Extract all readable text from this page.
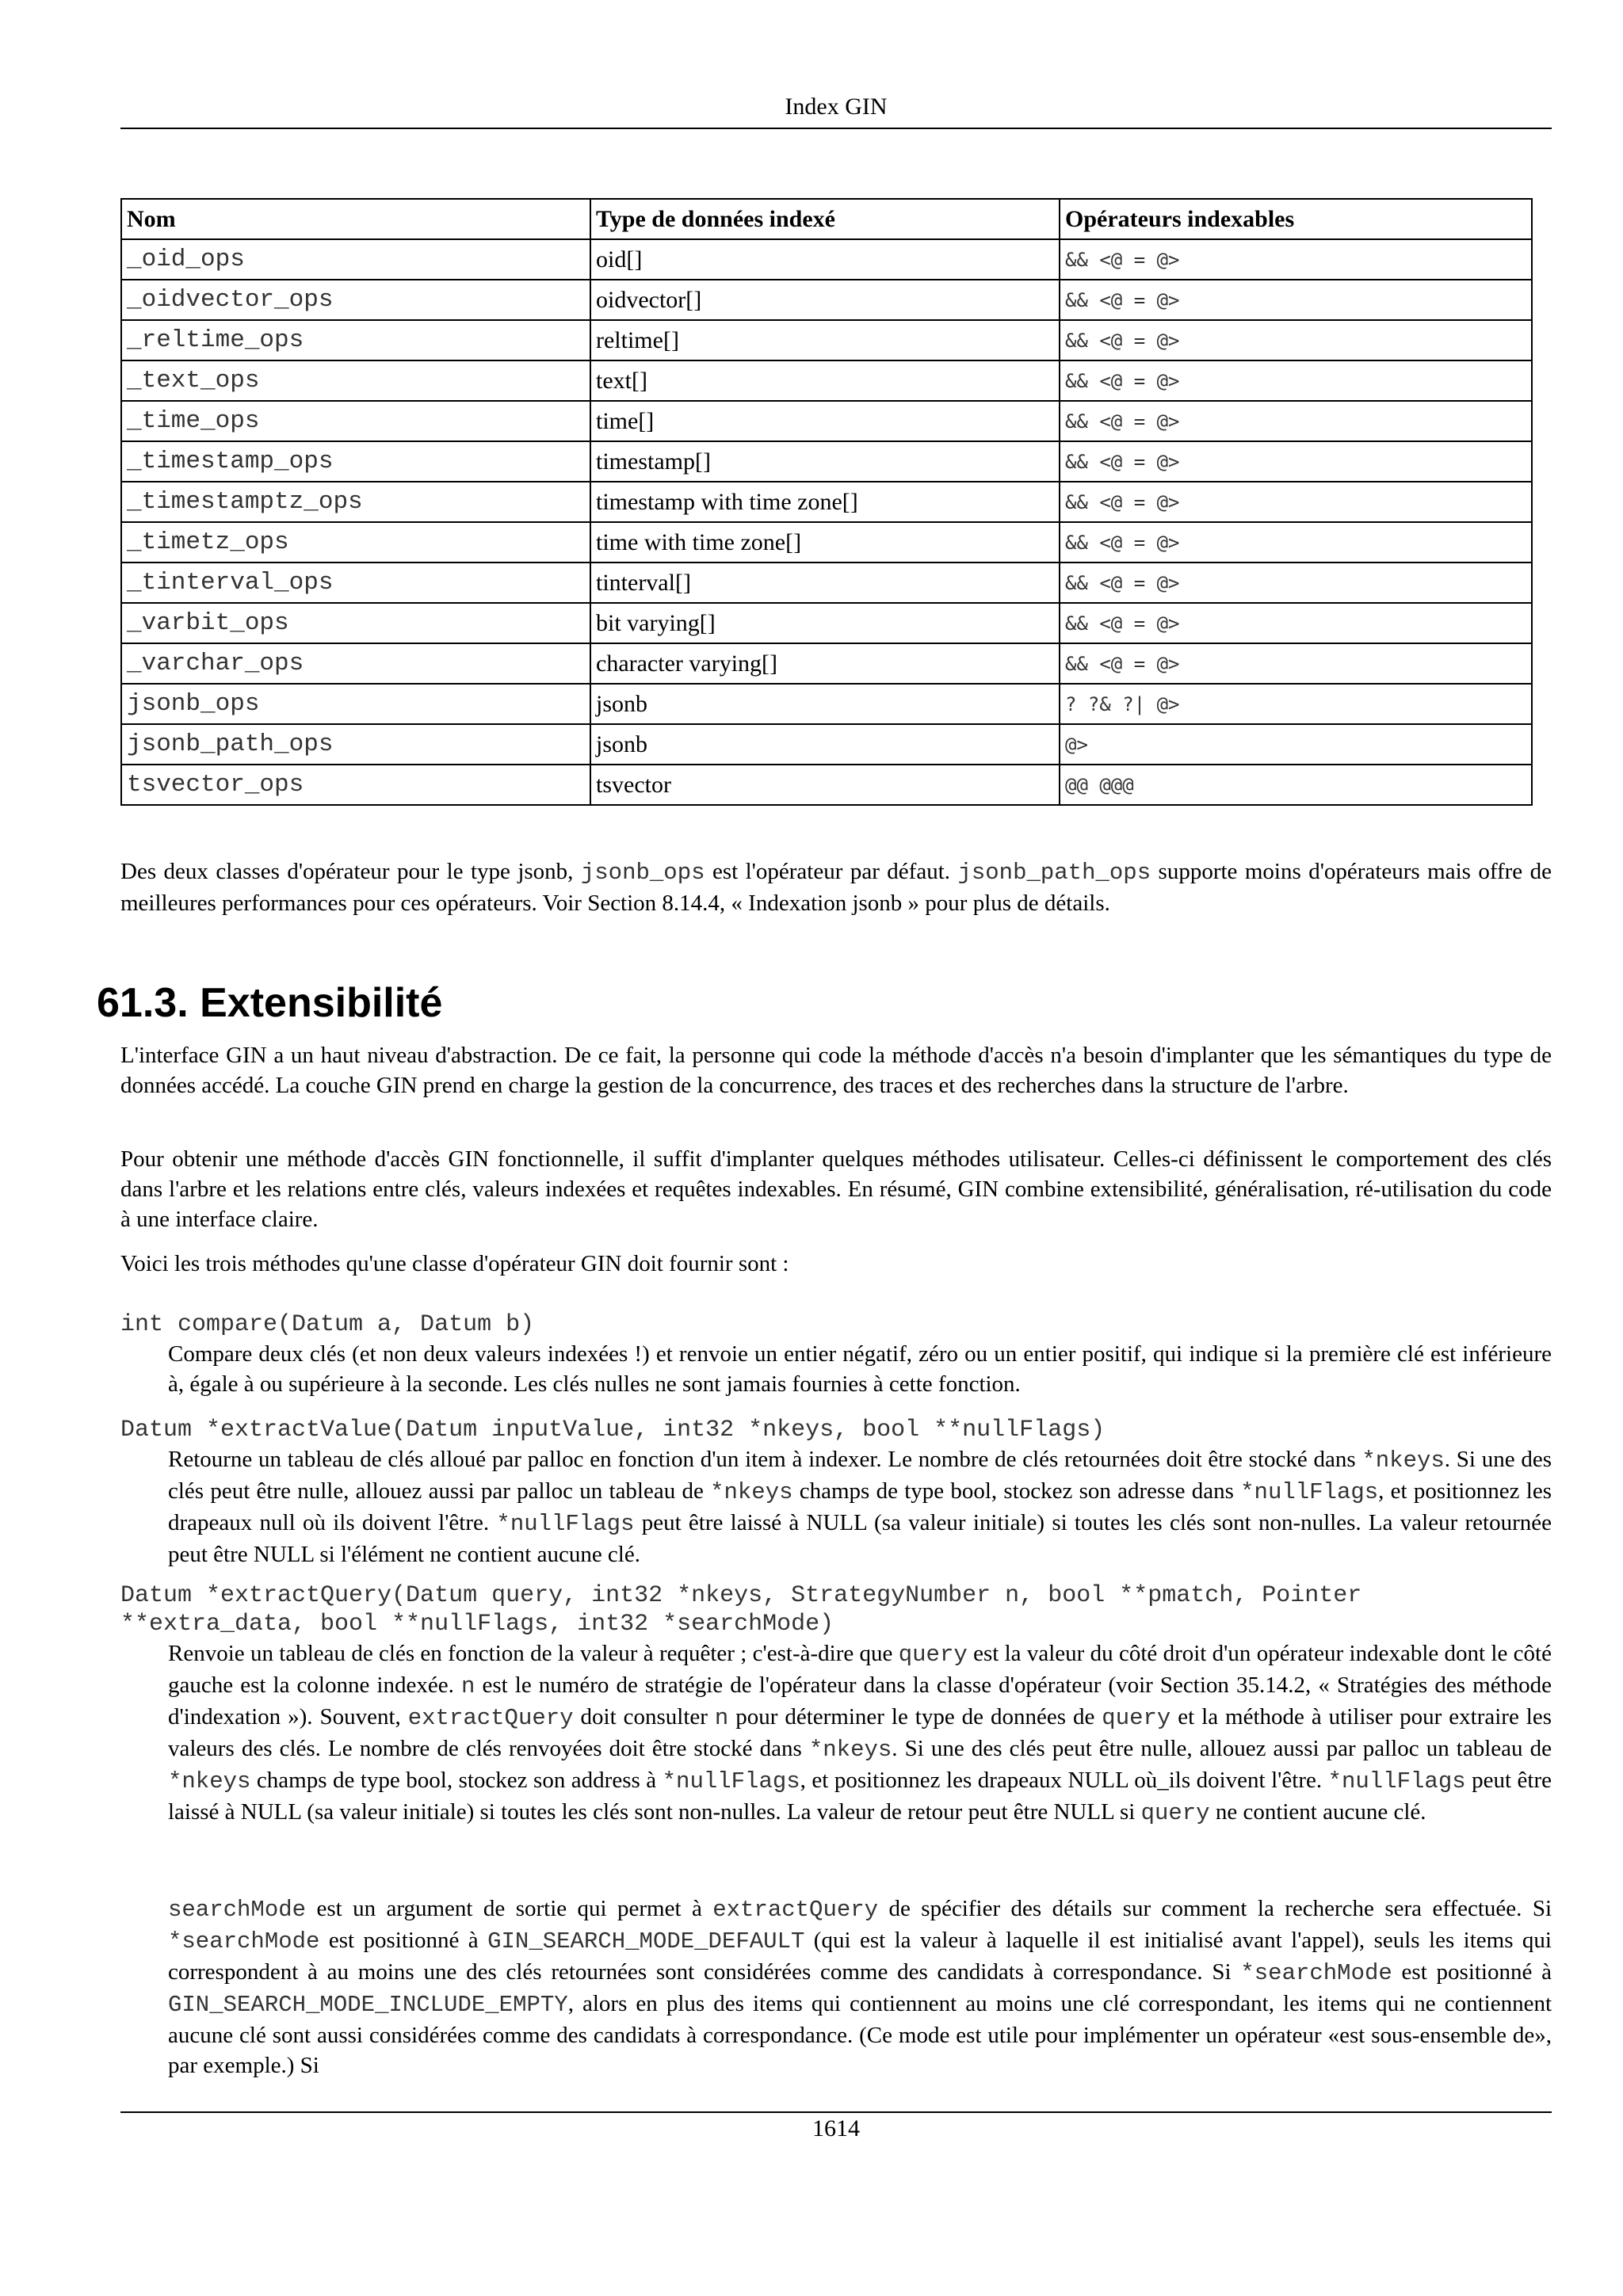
Index GIN
Nom	Type de données indexé	Opérateurs indexables
_oid_ops	oid[]	&& <@ = @>
_oidvector_ops	oidvector[]	&& <@ = @>
_reltime_ops	reltime[]	&& <@ = @>
_text_ops	text[]	&& <@ = @>
_time_ops	time[]	&& <@ = @>
_timestamp_ops	timestamp[]	&& <@ = @>
_timestamptz_ops	timestamp with time zone[]	&& <@ = @>
_timetz_ops	time with time zone[]	&& <@ = @>
_tinterval_ops	tinterval[]	&& <@ = @>
_varbit_ops	bit varying[]	&& <@ = @>
_varchar_ops	character varying[]	&& <@ = @>
jsonb_ops	jsonb	? ?& ?| @>
jsonb_path_ops	jsonb	@>
tsvector_ops	tsvector	@@ @@@
Des deux classes d'opérateur pour le type jsonb, jsonb_ops est l'opérateur par défaut. jsonb_path_ops supporte moins d'opérateurs mais offre de meilleures performances pour ces opérateurs. Voir Section 8.14.4, « Indexation jsonb » pour plus de détails.
61.3. Extensibilité
L'interface GIN a un haut niveau d'abstraction. De ce fait, la personne qui code la méthode d'accès n'a besoin d'implanter que les sémantiques du type de données accédé. La couche GIN prend en charge la gestion de la concurrence, des traces et des recherches dans la structure de l'arbre.
Pour obtenir une méthode d'accès GIN fonctionnelle, il suffit d'implanter quelques méthodes utilisateur. Celles-ci définissent le comportement des clés dans l'arbre et les relations entre clés, valeurs indexées et requêtes indexables. En résumé, GIN combine extensibilité, généralisation, ré-utilisation du code à une interface claire.
Voici les trois méthodes qu'une classe d'opérateur GIN doit fournir sont :
int compare(Datum a, Datum b)
Compare deux clés (et non deux valeurs indexées !) et renvoie un entier négatif, zéro ou un entier positif, qui indique si la première clé est inférieure à, égale à ou supérieure à la seconde. Les clés nulles ne sont jamais fournies à cette fonction.
Datum *extractValue(Datum inputValue, int32 *nkeys, bool **nullFlags)
Retourne un tableau de clés alloué par palloc en fonction d'un item à indexer. Le nombre de clés retournées doit être stocké dans *nkeys. Si une des clés peut être nulle, allouez aussi par palloc un tableau de *nkeys champs de type bool, stockez son adresse dans *nullFlags, et positionnez les drapeaux null où ils doivent l'être. *nullFlags peut être laissé à NULL (sa valeur initiale) si toutes les clés sont non-nulles. La valeur retournée peut être NULL si l'élément ne contient aucune clé.
Datum *extractQuery(Datum query, int32 *nkeys, StrategyNumber n, bool **pmatch, Pointer
**extra_data, bool **nullFlags, int32 *searchMode)
Renvoie un tableau de clés en fonction de la valeur à requêter ; c'est-à-dire que query est la valeur du côté droit d'un opérateur indexable dont le côté gauche est la colonne indexée. n est le numéro de stratégie de l'opérateur dans la classe d'opérateur (voir Section 35.14.2, « Stratégies des méthode d'indexation »). Souvent, extractQuery doit consulter n pour déterminer le type de données de query et la méthode à utiliser pour extraire les valeurs des clés. Le nombre de clés renvoyées doit être stocké dans *nkeys. Si une des clés peut être nulle, allouez aussi par palloc un tableau de *nkeys champs de type bool, stockez son address à *nullFlags, et positionnez les drapeaux NULL où_ils doivent l'être. *nullFlags peut être laissé à NULL (sa valeur initiale) si toutes les clés sont non-nulles. La valeur de retour peut être NULL si query ne contient aucune clé.
searchMode est un argument de sortie qui permet à extractQuery de spécifier des détails sur comment la recherche sera effectuée. Si *searchMode est positionné à GIN_SEARCH_MODE_DEFAULT (qui est la valeur à laquelle il est initialisé avant l'appel), seuls les items qui correspondent à au moins une des clés retournées sont considérées comme des candidats à correspondance. Si *searchMode est positionné à GIN_SEARCH_MODE_INCLUDE_EMPTY, alors en plus des items qui contiennent au moins une clé correspondant, les items qui ne contiennent aucune clé sont aussi considérées comme des candidats à correspondance. (Ce mode est utile pour implémenter un opérateur «est sous-ensemble de», par exemple.) Si
1614
